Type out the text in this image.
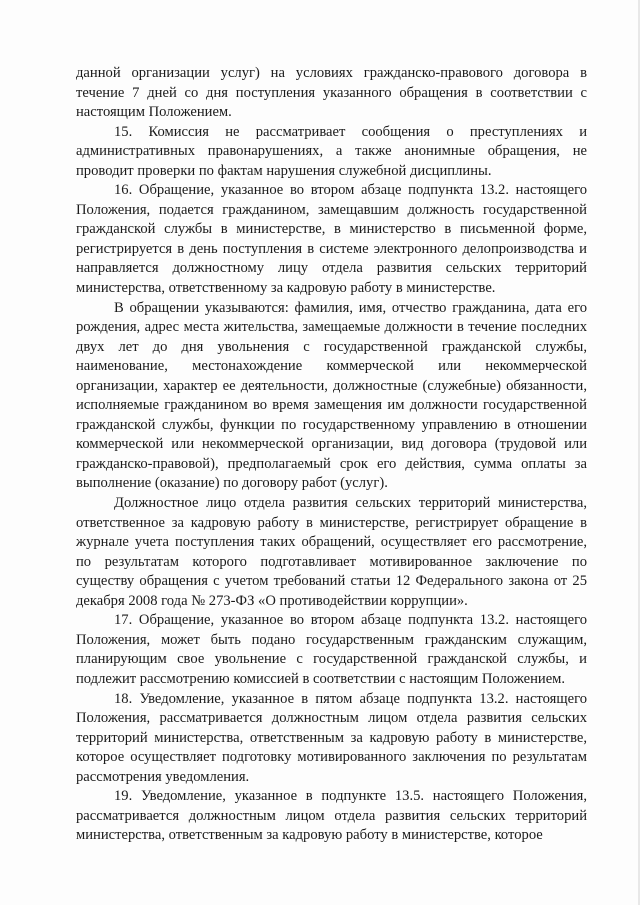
данной организации услуг) на условиях гражданско-правового договора в течение 7 дней со дня поступления указанного обращения в соответствии с настоящим Положением.

15. Комиссия не рассматривает сообщения о преступлениях и административных правонарушениях, а также анонимные обращения, не проводит проверки по фактам нарушения служебной дисциплины.

16. Обращение, указанное во втором абзаце подпункта 13.2. настоящего Положения, подается гражданином, замещавшим должность государственной гражданской службы в министерстве, в министерство в письменной форме, регистрируется в день поступления в системе электронного делопроизводства и направляется должностному лицу отдела развития сельских территорий министерства, ответственному за кадровую работу в министерстве.

В обращении указываются: фамилия, имя, отчество гражданина, дата его рождения, адрес места жительства, замещаемые должности в течение последних двух лет до дня увольнения с государственной гражданской службы, наименование, местонахождение коммерческой или некоммерческой организации, характер ее деятельности, должностные (служебные) обязанности, исполняемые гражданином во время замещения им должности государственной гражданской службы, функции по государственному управлению в отношении коммерческой или некоммерческой организации, вид договора (трудовой или гражданско-правовой), предполагаемый срок его действия, сумма оплаты за выполнение (оказание) по договору работ (услуг).

Должностное лицо отдела развития сельских территорий министерства, ответственное за кадровую работу в министерстве, регистрирует обращение в журнале учета поступления таких обращений, осуществляет его рассмотрение, по результатам которого подготавливает мотивированное заключение по существу обращения с учетом требований статьи 12 Федерального закона от 25 декабря 2008 года № 273-ФЗ «О противодействии коррупции».

17. Обращение, указанное во втором абзаце подпункта 13.2. настоящего Положения, может быть подано государственным гражданским служащим, планирующим свое увольнение с государственной гражданской службы, и подлежит рассмотрению комиссией в соответствии с настоящим Положением.

18. Уведомление, указанное в пятом абзаце подпункта 13.2. настоящего Положения, рассматривается должностным лицом отдела развития сельских территорий министерства, ответственным за кадровую работу в министерстве, которое осуществляет подготовку мотивированного заключения по результатам рассмотрения уведомления.

19. Уведомление, указанное в подпункте 13.5. настоящего Положения, рассматривается должностным лицом отдела развития сельских территорий министерства, ответственным за кадровую работу в министерстве, которое
